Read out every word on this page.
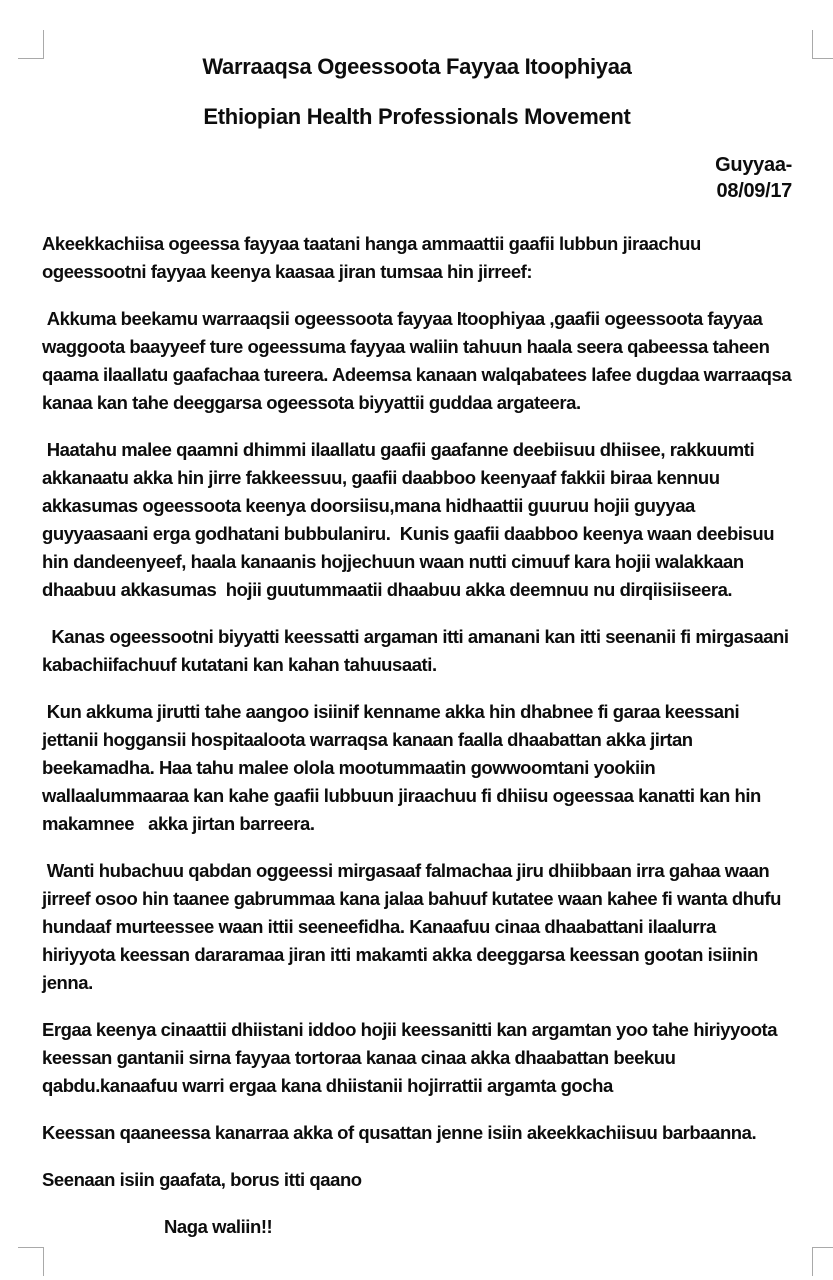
Warraaqsa Ogeessoota Fayyaa Itoophiyaa
Ethiopian Health Professionals Movement
Guyyaa-
08/09/17

Akeekkachiisa ogeessa fayyaa taatani hanga ammaattii gaafii lubbun jiraachuu ogeessootni fayyaa keenya kaasaa jiran tumsaa hin jirreef:

Akkuma beekamu warraaqsii ogeessoota fayyaa Itoophiyaa ,gaafii ogeessoota fayyaa waggoota baayyeef ture ogeessuma fayyaa waliin tahuun haala seera qabeessa taheen qaama ilaallatu gaafachaa tureera. Adeemsa kanaan walqabatees lafee dugdaa warraaqsa kanaa kan tahe deeggarsa ogeessota biyyattii guddaa argateera.

Haatahu malee qaamni dhimmi ilaallatu gaafii gaafanne deebiisuu dhiisee, rakkuumti akkanaatu akka hin jirre fakkeessuu, gaafii daabboo keenyaaf fakkii biraa kennuu akkasumas ogeessoota keenya doorsiisu,mana hidhaattii guuruu hojii guyyaa guyyaasaani erga godhatani bubbulaniru.  Kunis gaafii daabboo keenya waan deebisuu hin dandeenyeef, haala kanaanis hojjechuun waan nutti cimuuf kara hojii walakkaan dhaabuu akkasumas  hojii guutummaatii dhaabuu akka deemnuu nu dirqiisiiseera.

Kanas ogeessootni biyyatti keessatti argaman itti amanani kan itti seenanii fi mirgasaani kabachiifachuuf kutatani kan kahan tahuusaati.

Kun akkuma jirutti tahe aangoo isiinif kenname akka hin dhabnee fi garaa keessani jettanii hoggansii hospitaaloota warraqsa kanaan faalla dhaabattan akka jirtan beekamadha. Haa tahu malee olola mootummaatin gowwoomtani yookiin wallaalummaaraa kan kahe gaafii lubbuun jiraachuu fi dhiisu ogeessaa kanatti kan hin makamnee   akka jirtan barreera.

Wanti hubachuu qabdan oggeessi mirgasaaf falmachaa jiru dhiibbaan irra gahaa waan jirreef osoo hin taanee gabrummaa kana jalaa bahuuf kutatee waan kahee fi wanta dhufu hundaaf murteessee waan ittii seeneefidha. Kanaafuu cinaa dhaabattani ilaalurra hiriyyota keessan dararamaa jiran itti makamti akka deeggarsa keessan gootan isiinin jenna.

Ergaa keenya cinaattii dhiistani iddoo hojii keessanitti kan argamtan yoo tahe hiriyyoota keessan gantanii sirna fayyaa tortoraa kanaa cinaa akka dhaabattan beekuu qabdu.kanaafuu warri ergaa kana dhiistanii hojirrattii argamta gocha

Keessan qaaneessa kanarraa akka of qusattan jenne isiin akeekkachiisuu barbaanna.

Seenaan isiin gaafata, borus itti qaano

Naga waliin!!
